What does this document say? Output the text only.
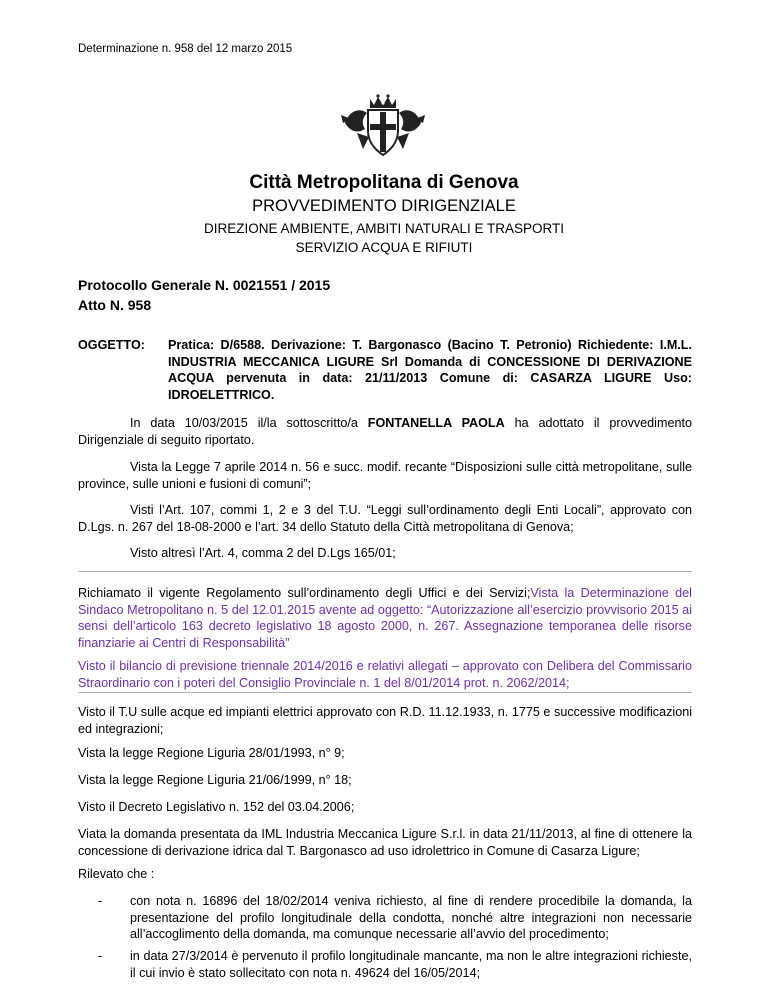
Determinazione n. 958 del 12 marzo 2015
Città Metropolitana di Genova
PROVVEDIMENTO DIRIGENZIALE
DIREZIONE AMBIENTE, AMBITI NATURALI E TRASPORTI
SERVIZIO ACQUA E RIFIUTI
Protocollo Generale N. 0021551 / 2015
Atto N. 958
OGGETTO: Pratica: D/6588. Derivazione: T. Bargonasco (Bacino T. Petronio) Richiedente: I.M.L. INDUSTRIA MECCANICA LIGURE Srl Domanda di CONCESSIONE DI DERIVAZIONE ACQUA pervenuta in data: 21/11/2013 Comune di: CASARZA LIGURE Uso: IDROELETTRICO.
In data 10/03/2015 il/la sottoscritto/a FONTANELLA PAOLA ha adottato il provvedimento Dirigenziale di seguito riportato.
Vista la Legge 7 aprile 2014 n. 56 e succ. modif. recante “Disposizioni sulle città metropolitane, sulle province, sulle unioni e fusioni di comuni”;
Visti l’Art. 107, commi 1, 2 e 3 del T.U. “Leggi sull’ordinamento degli Enti Locali”, approvato con D.Lgs. n. 267 del 18-08-2000 e l’art. 34 dello Statuto della Città metropolitana di Genova;
Visto altresì l’Art. 4, comma 2 del D.Lgs 165/01;
Richiamato il vigente Regolamento sull’ordinamento degli Uffici e dei Servizi;Vista la Determinazione del Sindaco Metropolitano n. 5 del 12.01.2015 avente ad oggetto: “Autorizzazione all’esercizio provvisorio 2015 ai sensi dell’articolo 163 decreto legislativo 18 agosto 2000, n. 267. Assegnazione temporanea delle risorse finanziarie ai Centri di Responsabilità”
Visto il bilancio di previsione triennale 2014/2016 e relativi allegati – approvato con Delibera del Commissario Straordinario con i poteri del Consiglio Provinciale n. 1 del 8/01/2014 prot. n. 2062/2014;
Visto il T.U sulle acque ed impianti elettrici approvato con R.D. 11.12.1933, n. 1775 e successive modificazioni ed integrazioni;
Vista la legge Regione Liguria 28/01/1993, n° 9;
Vista la legge Regione Liguria 21/06/1999, n° 18;
Visto il Decreto Legislativo n. 152 del 03.04.2006;
Viata la domanda presentata da IML Industria Meccanica Ligure S.r.l. in data 21/11/2013, al fine di ottenere la concessione di derivazione idrica dal T. Bargonasco ad uso idrolettrico in Comune di Casarza Ligure;
Rilevato che :
- con nota n. 16896 del 18/02/2014 veniva richiesto, al fine di rendere procedibile la domanda, la presentazione del profilo longitudinale della condotta, nonché altre integrazioni non necessarie all’accoglimento della domanda, ma comunque necessarie all’avvio del procedimento;
- in data 27/3/2014 è pervenuto il profilo longitudinale mancante, ma non le altre integrazioni richieste, il cui invio è stato sollecitato con nota n. 49624 del 16/05/2014;
